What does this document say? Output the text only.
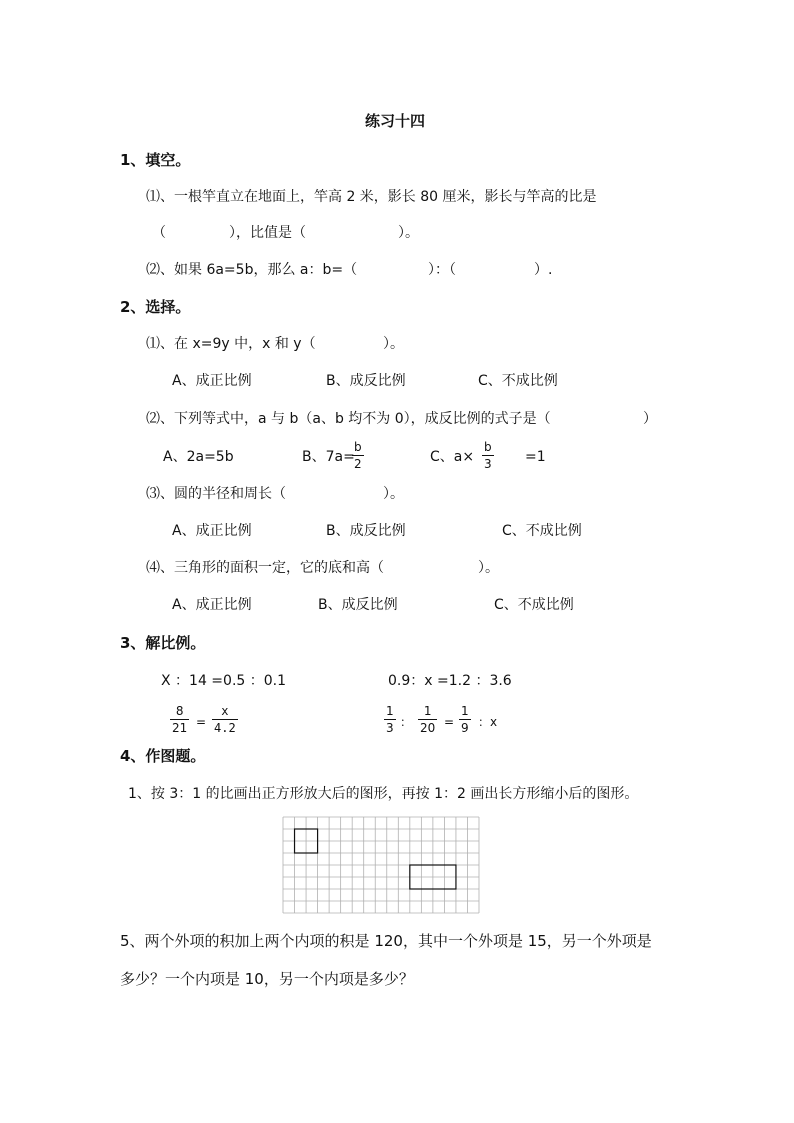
练习十四
1、填空。
⑴、一根竿直立在地面上，竿高 2 米，影长 80 厘米，影长与竿高的比是
（	），比值是（	）。
⑵、如果 6a=5b，那么 a：b=（	）：（	）.
2、选择。
⑴、在 x=9y 中，x 和 y（	）。
A、成正比例	B、成反比例	C、不成比例
⑵、下列等式中，a 与 b（a、b 均不为 0），成反比例的式子是（	）
A、2a=5b	B、7a=
b
2	C、a×
b
3 =1
⑶、圆的半径和周长（	）。
A、成正比例	B、成反比例	C、不成比例
⑷、三角形的面积一定，它的底和高（	）。
A、成正比例	B、成反比例	C、不成比例
3、解比例。
X ：14 =0.5 ：0.1	0.9：x =1.2 ：3.6
8
21 =
x
4.2
1
3 ：
1
20 =
1
9 ：x
4、作图题。
1、按 3：1 的比画出正方形放大后的图形，再按 1：2 画出长方形缩小后的图形。
5、两个外项的积加上两个内项的积是 120，其中一个外项是 15，另一个外项是
多少？一个内项是 10，另一个内项是多少？
